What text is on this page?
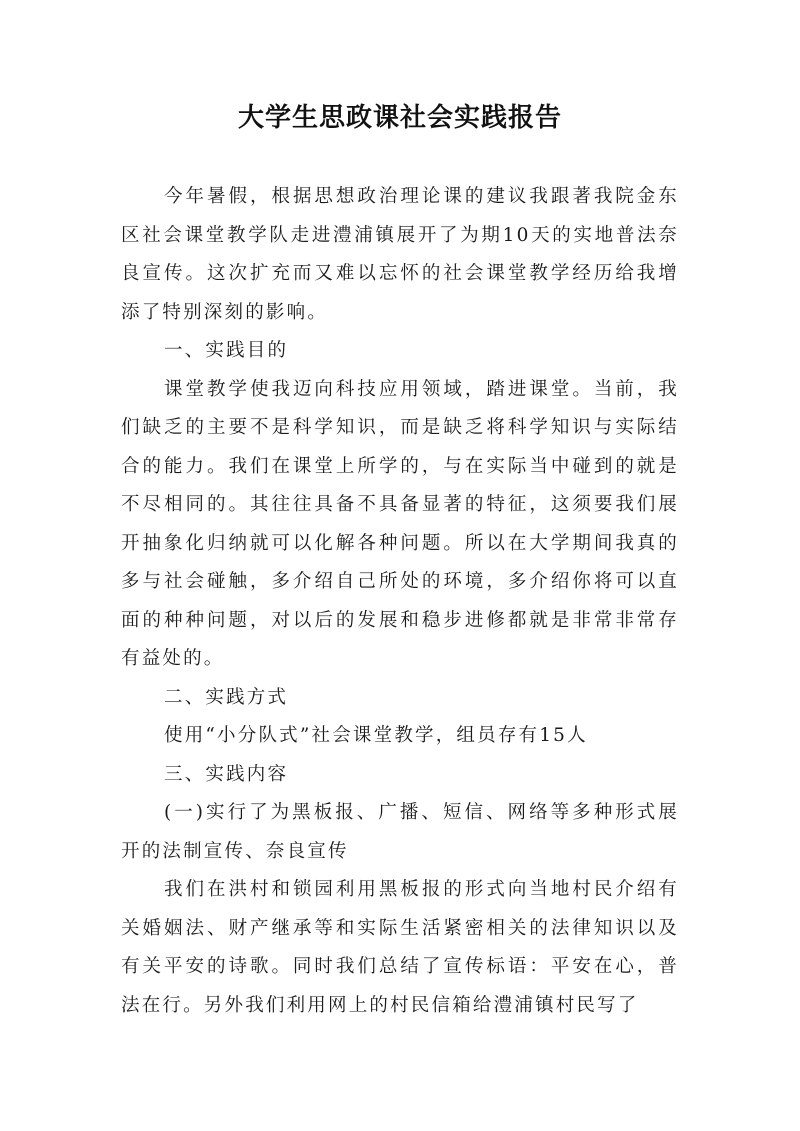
大学生思政课社会实践报告

今年暑假，根据思想政治理论课的建议我跟著我院金东区社会课堂教学队走进澧浦镇展开了为期10天的实地普法奈良宣传。这次扩充而又难以忘怀的社会课堂教学经历给我增添了特别深刻的影响。

一、实践目的

课堂教学使我迈向科技应用领域，踏进课堂。当前，我们缺乏的主要不是科学知识，而是缺乏将科学知识与实际结合的能力。我们在课堂上所学的，与在实际当中碰到的就是不尽相同的。其往往具备不具备显著的特征，这须要我们展开抽象化归纳就可以化解各种问题。所以在大学期间我真的多与社会碰触，多介绍自己所处的环境，多介绍你将可以直面的种种问题，对以后的发展和稳步进修都就是非常非常存有益处的。

二、实践方式

使用“小分队式”社会课堂教学，组员存有15人

三、实践内容

(一)实行了为黑板报、广播、短信、网络等多种形式展开的法制宣传、奈良宣传

我们在洪村和锁园利用黑板报的形式向当地村民介绍有关婚姻法、财产继承等和实际生活紧密相关的法律知识以及有关平安的诗歌。同时我们总结了宣传标语：平安在心，普法在行。另外我们利用网上的村民信箱给澧浦镇村民写了
